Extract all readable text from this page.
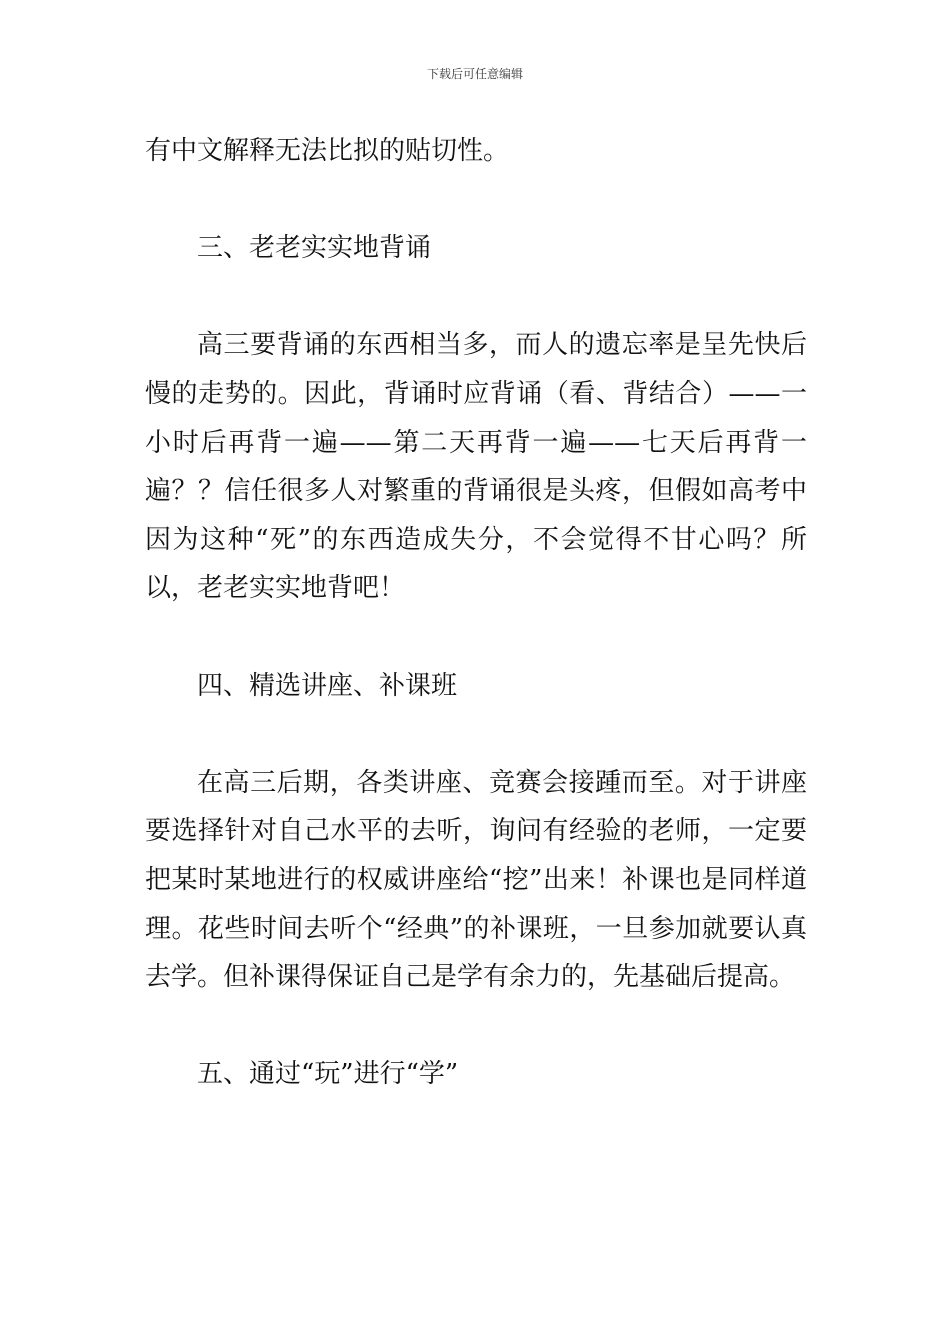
下载后可任意编辑

有中文解释无法比拟的贴切性。

三、老老实实地背诵

高三要背诵的东西相当多，而人的遗忘率是呈先快后慢的走势的。因此，背诵时应背诵（看、背结合）——一小时后再背一遍——第二天再背一遍——七天后再背一遍？？信任很多人对繁重的背诵很是头疼，但假如高考中因为这种“死”的东西造成失分，不会觉得不甘心吗？所以，老老实实地背吧！

四、精选讲座、补课班

在高三后期，各类讲座、竞赛会接踵而至。对于讲座要选择针对自己水平的去听，询问有经验的老师，一定要把某时某地进行的权威讲座给“挖”出来！补课也是同样道理。花些时间去听个“经典”的补课班，一旦参加就要认真去学。但补课得保证自己是学有余力的，先基础后提高。

五、通过“玩”进行“学”
